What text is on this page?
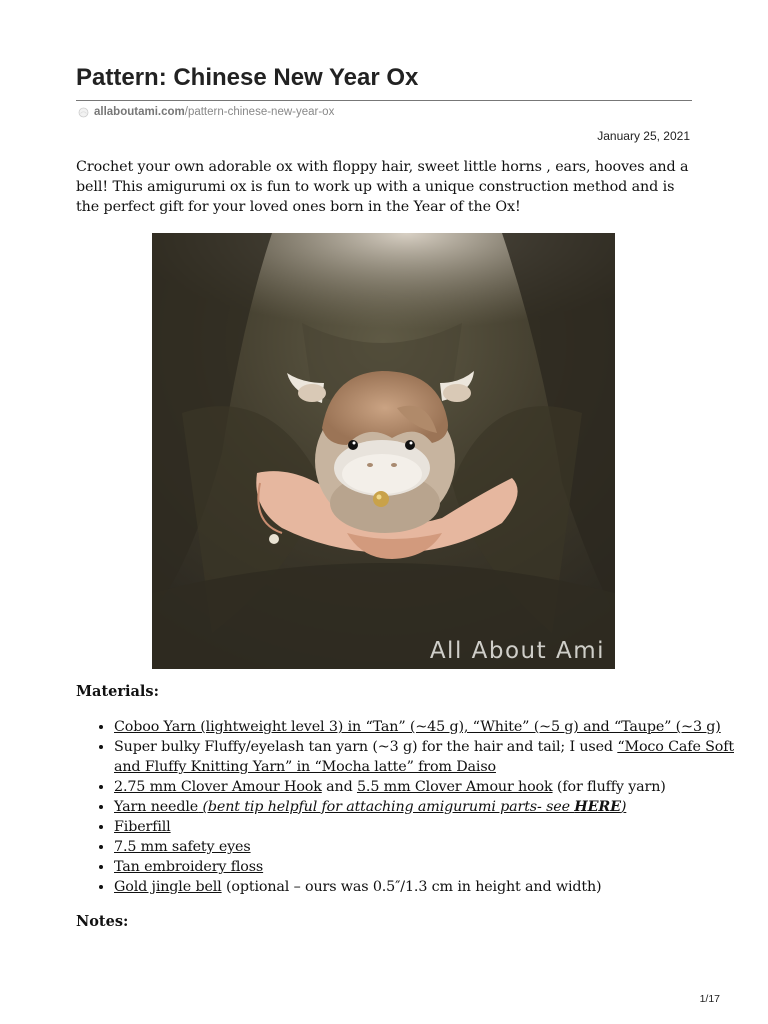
Pattern: Chinese New Year Ox
allaboutami.com/pattern-chinese-new-year-ox
January 25, 2021

Crochet your own adorable ox with floppy hair, sweet little horns , ears, hooves and a bell! This amigurumi ox is fun to work up with a unique construction method and is the perfect gift for your loved ones born in the Year of the Ox!

All About Ami
Materials:
• Coboo Yarn (lightweight level 3) in “Tan” (~45 g), “White” (~5 g) and “Taupe” (~3 g)
• Super bulky Fluffy/eyelash tan yarn (~3 g) for the hair and tail; I used “Moco Cafe Soft and Fluffy Knitting Yarn” in “Mocha latte” from Daiso
• 2.75 mm Clover Amour Hook and 5.5 mm Clover Amour hook (for fluffy yarn)
• Yarn needle (bent tip helpful for attaching amigurumi parts- see HERE)
• Fiberfill
• 7.5 mm safety eyes
• Tan embroidery floss
• Gold jingle bell (optional – ours was 0.5″/1.3 cm in height and width)
Notes:
1/17
